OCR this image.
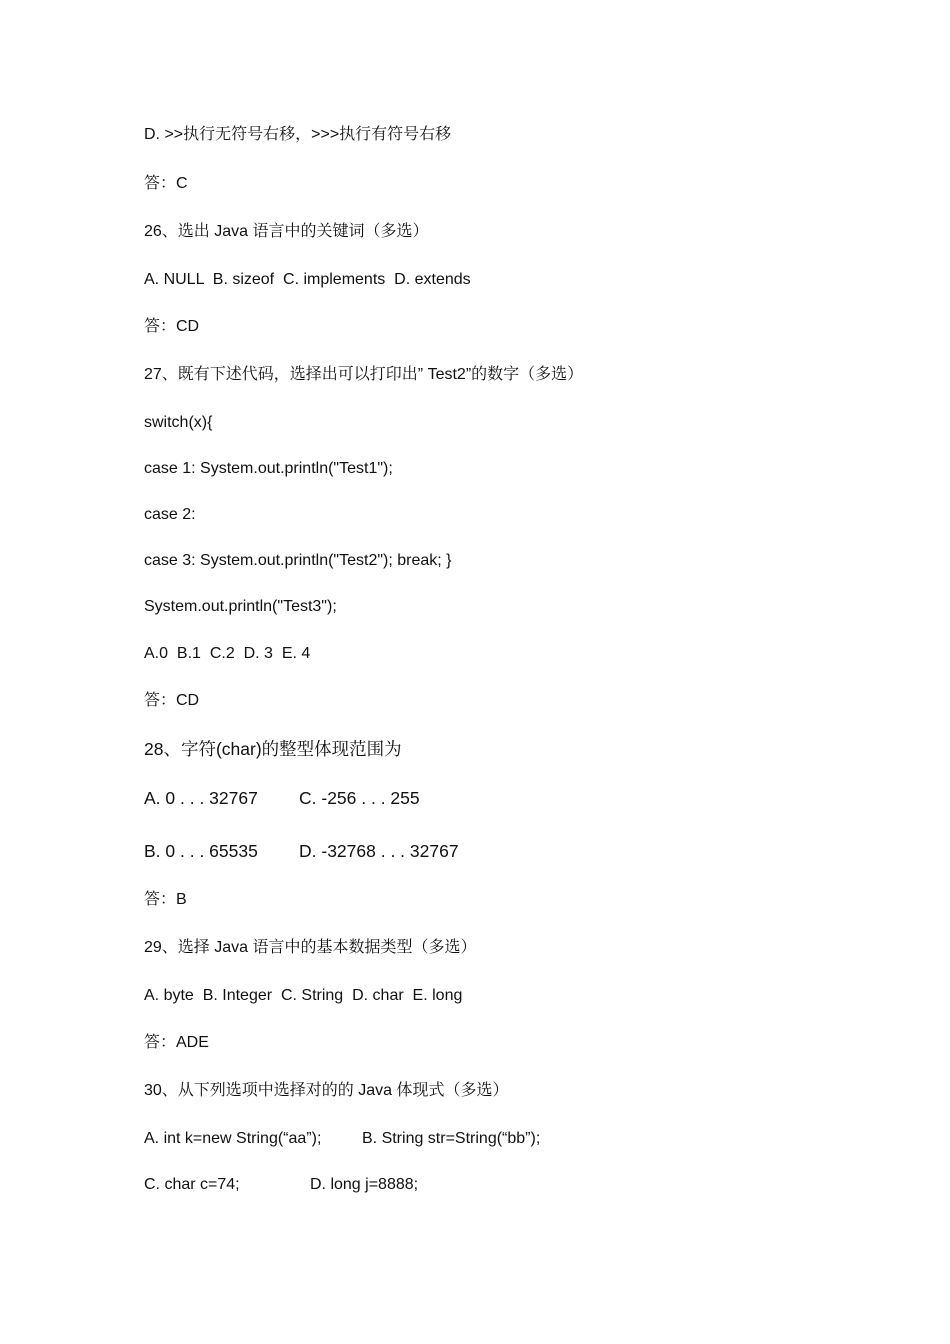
D. >>执行无符号右移，>>>执行有符号右移
答：C
26、选出 Java 语言中的关键词（多选）
A. NULL  B. sizeof  C. implements  D. extends
答：CD
27、既有下述代码，选择出可以打印出” Test2”的数字（多选）
switch(x){
case 1: System.out.println("Test1");
case 2:
case 3: System.out.println("Test2"); break; }
System.out.println("Test3");
A.0  B.1  C.2  D. 3  E. 4
答：CD
28、字符(char)的整型体现范围为
A. 0 . . . 32767 C. -256 . . . 255
B. 0 . . . 65535 D. -32768 . . . 32767
答：B
29、选择 Java 语言中的基本数据类型（多选）
A. byte  B. Integer  C. String  D. char  E. long
答：ADE
30、从下列选项中选择对的的 Java 体现式（多选）
A. int k=new String(“aa”);	B. String str=String(“bb”);
C. char c=74;	D. long j=8888;
